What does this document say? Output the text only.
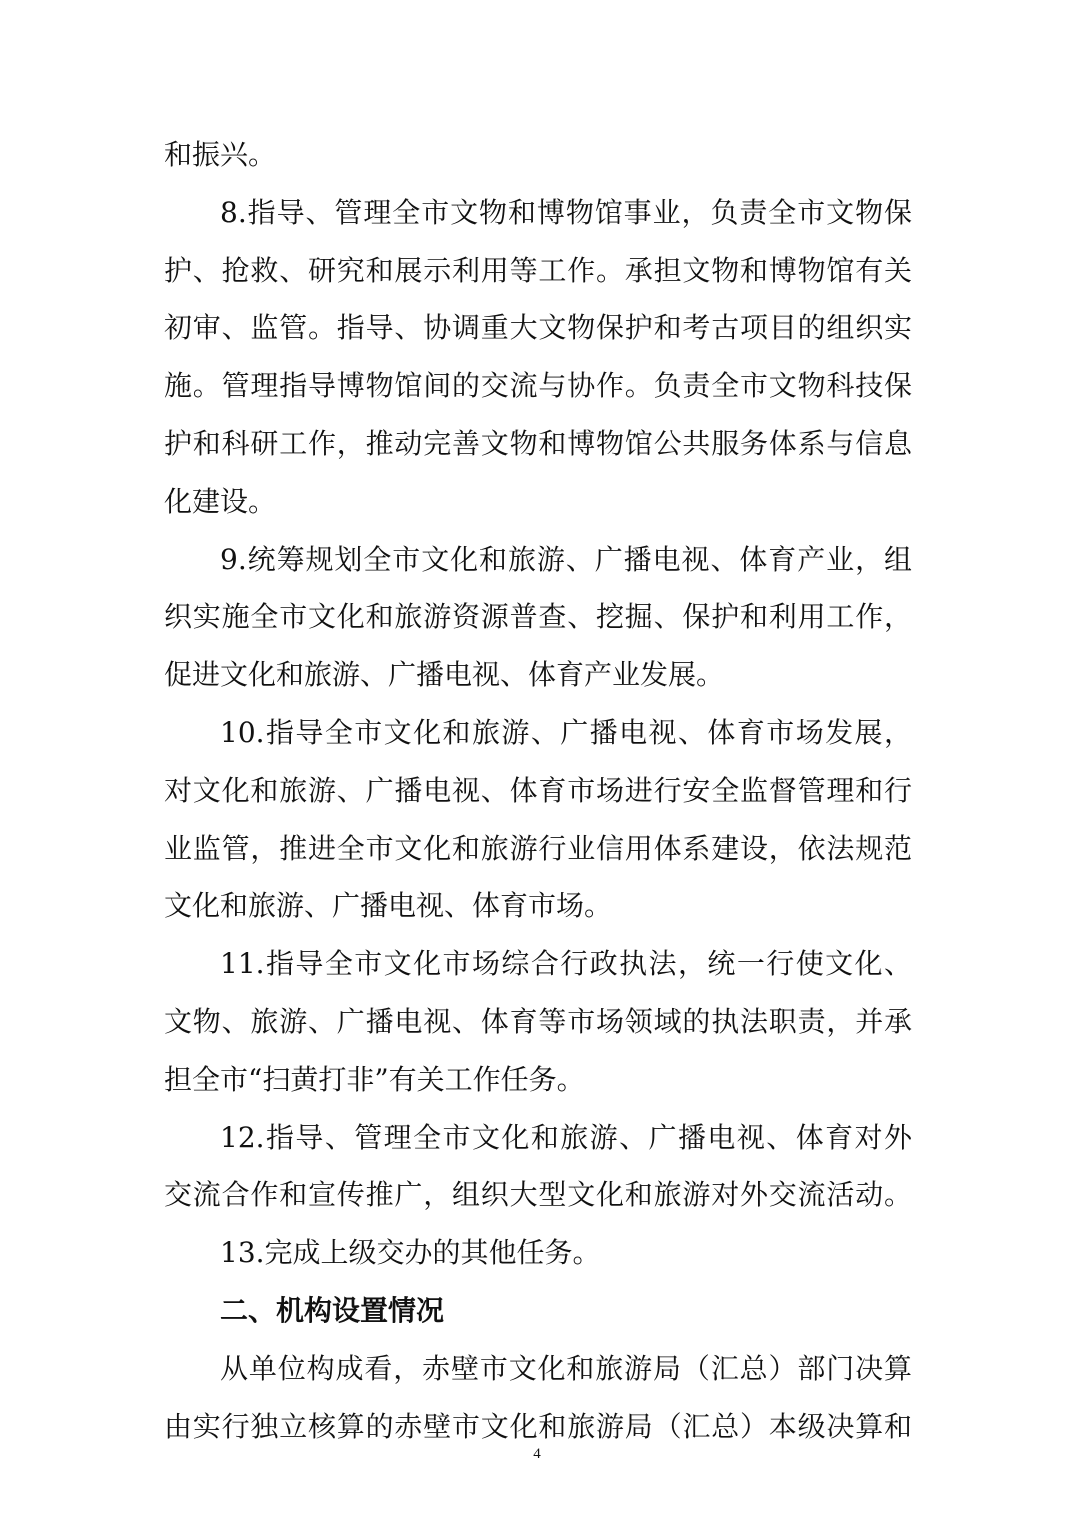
和振兴。
8.指导、管理全市文物和博物馆事业，负责全市文物保
护、抢救、研究和展示利用等工作。承担文物和博物馆有关
初审、监管。指导、协调重大文物保护和考古项目的组织实
施。管理指导博物馆间的交流与协作。负责全市文物科技保
护和科研工作，推动完善文物和博物馆公共服务体系与信息
化建设。
9.统筹规划全市文化和旅游、广播电视、体育产业，组
织实施全市文化和旅游资源普查、挖掘、保护和利用工作，
促进文化和旅游、广播电视、体育产业发展。
10.指导全市文化和旅游、广播电视、体育市场发展，
对文化和旅游、广播电视、体育市场进行安全监督管理和行
业监管，推进全市文化和旅游行业信用体系建设，依法规范
文化和旅游、广播电视、体育市场。
11.指导全市文化市场综合行政执法，统一行使文化、
文物、旅游、广播电视、体育等市场领域的执法职责，并承
担全市“扫黄打非”有关工作任务。
12.指导、管理全市文化和旅游、广播电视、体育对外
交流合作和宣传推广，组织大型文化和旅游对外交流活动。
13.完成上级交办的其他任务。
二、机构设置情况
从单位构成看，赤壁市文化和旅游局（汇总）部门决算
由实行独立核算的赤壁市文化和旅游局（汇总）本级决算和
4
